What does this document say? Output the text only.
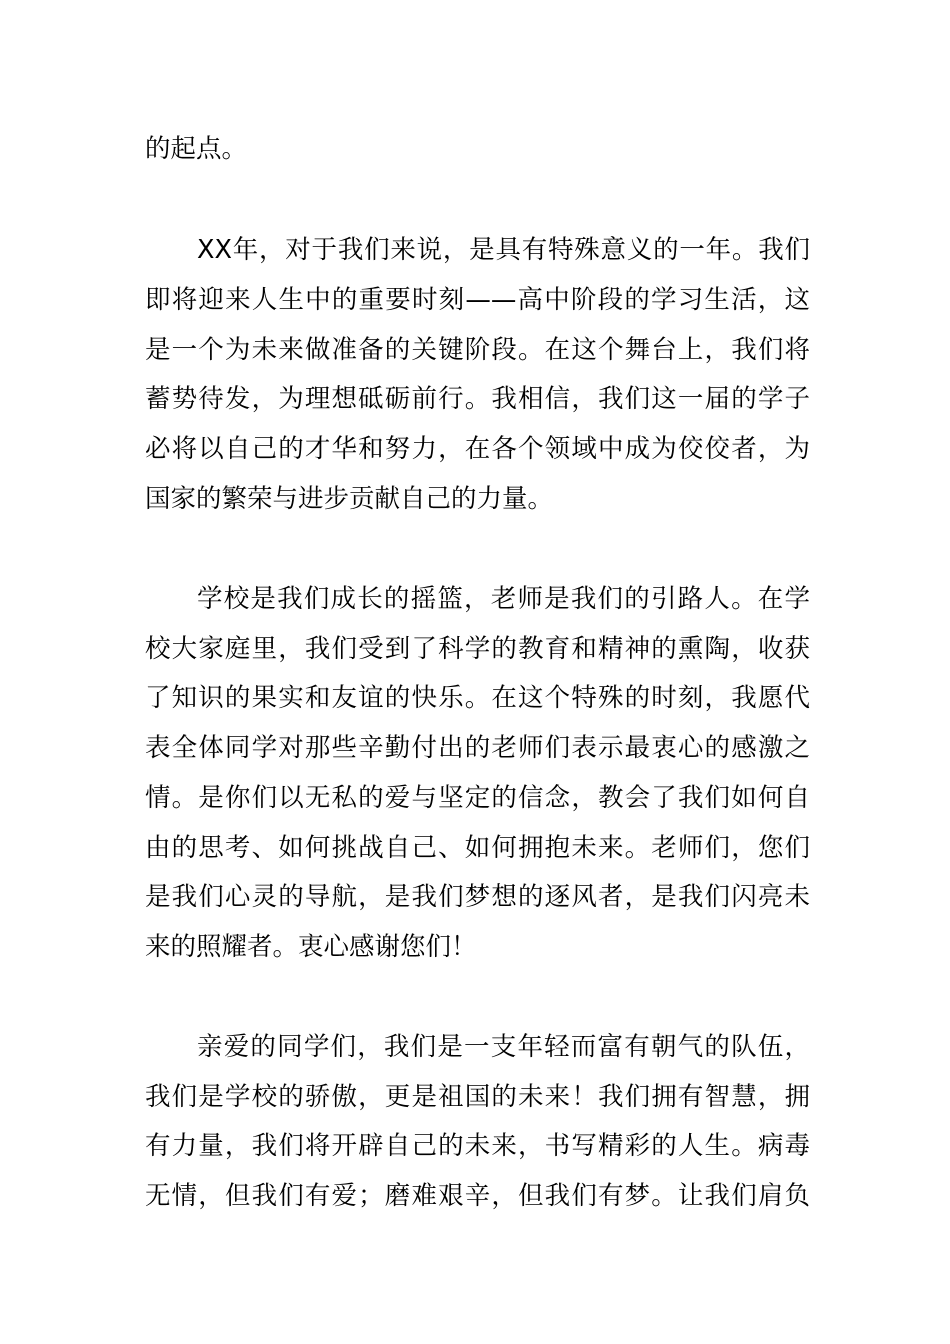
的起点。
XX年，对于我们来说，是具有特殊意义的一年。我们
即将迎来人生中的重要时刻——高中阶段的学习生活，这
是一个为未来做准备的关键阶段。在这个舞台上，我们将
蓄势待发，为理想砥砺前行。我相信，我们这一届的学子
必将以自己的才华和努力，在各个领域中成为佼佼者，为
国家的繁荣与进步贡献自己的力量。
学校是我们成长的摇篮，老师是我们的引路人。在学
校大家庭里，我们受到了科学的教育和精神的熏陶，收获
了知识的果实和友谊的快乐。在这个特殊的时刻，我愿代
表全体同学对那些辛勤付出的老师们表示最衷心的感激之
情。是你们以无私的爱与坚定的信念，教会了我们如何自
由的思考、如何挑战自己、如何拥抱未来。老师们，您们
是我们心灵的导航，是我们梦想的逐风者，是我们闪亮未
来的照耀者。衷心感谢您们！
亲爱的同学们，我们是一支年轻而富有朝气的队伍，
我们是学校的骄傲，更是祖国的未来！我们拥有智慧，拥
有力量，我们将开辟自己的未来，书写精彩的人生。病毒
无情，但我们有爱；磨难艰辛，但我们有梦。让我们肩负
